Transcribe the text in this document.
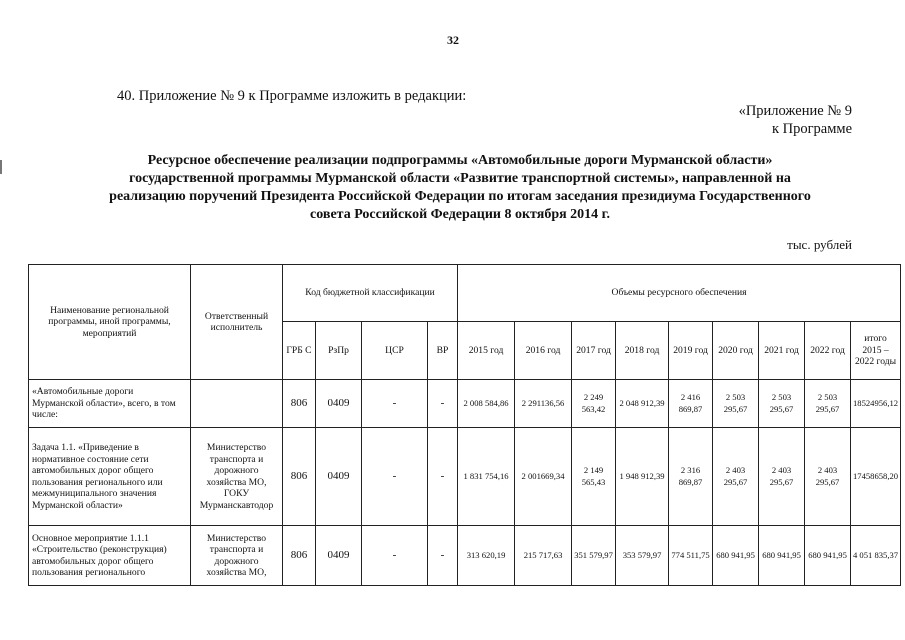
32
40. Приложение № 9 к Программе изложить в редакции:
«Приложение № 9
к Программе
Ресурсное обеспечение реализации подпрограммы «Автомобильные дороги Мурманской области»
государственной программы Мурманской области «Развитие транспортной системы», направленной на
реализацию поручений Президента Российской Федерации по итогам заседания президиума Государственного
совета Российской Федерации 8 октября 2014 г.
тыс. рублей
Наименование региональной программы, иной программы, мероприятий	Ответственный исполнитель	Код бюджетной классификации				Объемы ресурсного обеспечения								
		ГРБ С	РзПр	ЦСР	ВР	2015 год	2016 год	2017 год	2018 год	2019 год	2020 год	2021 год	2022 год	итого 2015 – 2022 годы
«Автомобильные дороги Мурманской области», всего, в том числе:		806	0409	-	-	2 008 584,86	2 291136,56	2 249 563,42	2 048 912,39	2 416 869,87	2 503 295,67	2 503 295,67	2 503 295,67	18524956,12
Задача 1.1. «Приведение в нормативное состояние сети автомобильных дорог общего пользования регионального или межмуниципального значения Мурманской области»	Министерство транспорта и дорожного хозяйства МО, ГОКУ Мурманскавтодор	806	0409	-	-	1 831 754,16	2 001669,34	2 149 565,43	1 948 912,39	2 316 869,87	2 403 295,67	2 403 295,67	2 403 295,67	17458658,20
Основное мероприятие 1.1.1 «Строительство (реконструкция) автомобильных дорог общего пользования регионального	Министерство транспорта и дорожного хозяйства МО,	806	0409	-	-	313 620,19	215 717,63	351 579,97	353 579,97	774 511,75	680 941,95	680 941,95	680 941,95	4 051 835,37
